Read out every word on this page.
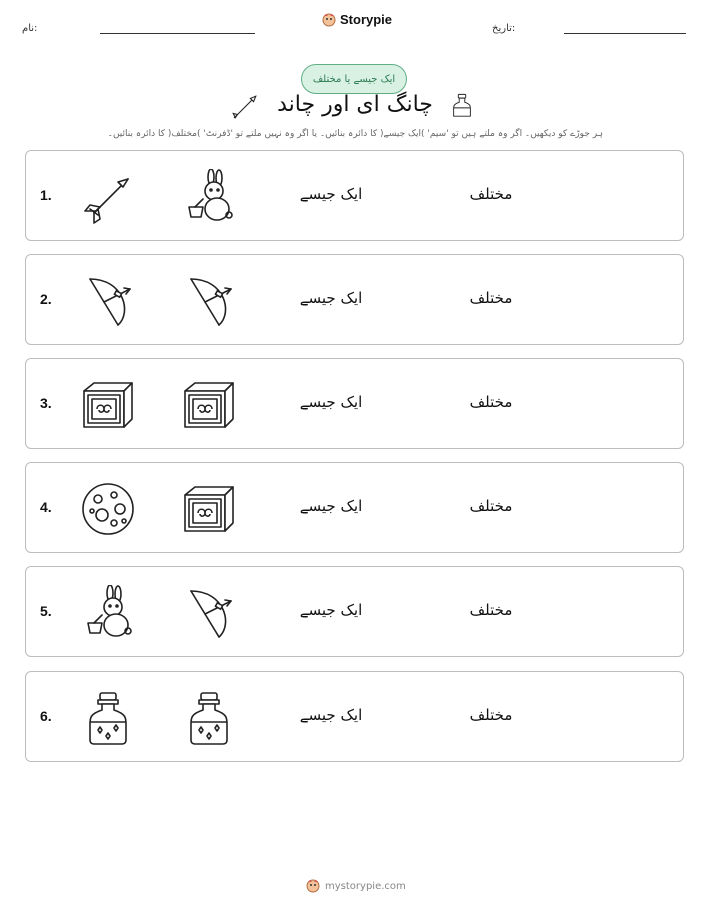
نام:
Storypie
تاریخ:
ایک جیسے یا مختلف
چانگ ای اور چاند
ہر جوڑے کو دیکھیں۔ اگر وہ ملتے ہیں تو 'سیم' )ایک جیسے( کا دائرہ بنائیں۔ یا اگر وہ نہیں ملتے تو 'ڈفرنٹ' )مختلف( کا دائرہ بنائیں۔
1.	ایک جیسے	مختلف
2.	ایک جیسے	مختلف
3.	ایک جیسے	مختلف
4.	ایک جیسے	مختلف
5.	ایک جیسے	مختلف
6.	ایک جیسے	مختلف
mystorypie.com
